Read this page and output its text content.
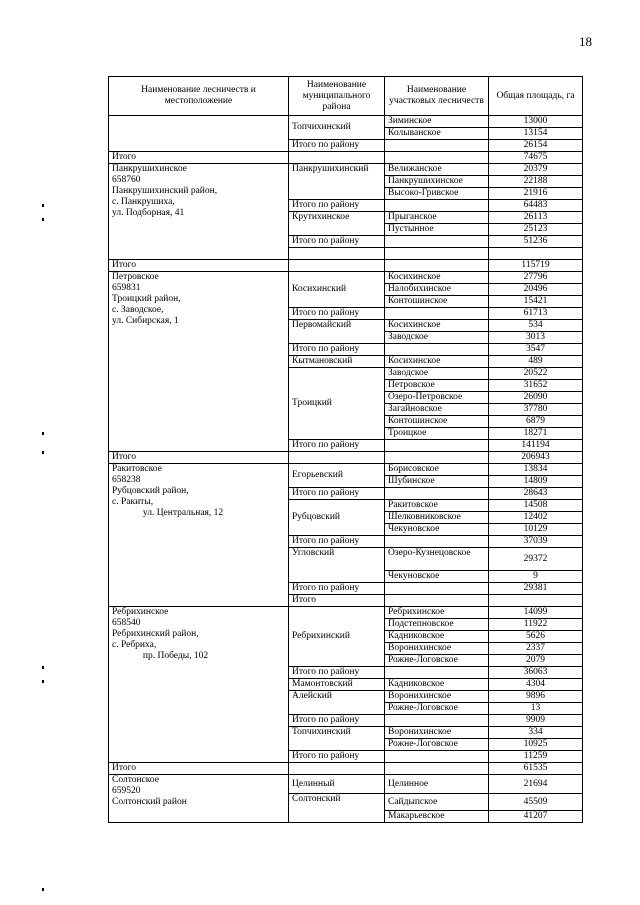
18
Наименование лесничеств и местоположение	Наименование муниципального района	Наименование участковых лесничеств	Общая площадь, га	
	Топчихинский	Зиминское	13000	
		Колыванское	13154	
	Итого по району		26154	
Итого			74675	
Панкрушихинское
658760
Панкрушихинский район,
с. Панкрушиха,
ул. Подборная, 41	Панкрушихинский	Велижанское	20379	
		Панкрушихинское	22188	
		Высоко-Гривское	21916	
	Итого по району		64483	
	Крутихинское	Прыганское	26113	
		Пустынное	25123	
	Итого по району		51236	

Итого			115719	
Петровское
659831
Троицкий район,
с. Заводское,
ул. Сибирская, 1	Косихинский	Косихинское	27796	
		Налобихинское	20496	
		Контошинское	15421	
	Итого по району		61713	
	Первомайский	Косихинское	534	
		Заводское	3013	
	Итого по району		3547	
	Кытмановский	Косихинское	489	
	Троицкий	Заводское	20522	
		Петровское	31652	
		Озеро-Петровское	26090	
		Загайновское	37780	
		Контошинское	6879	
		Троицкое	18271	
	Итого по району		141194	
Итого			206943	
Ракитовское
658238
Рубцовский район,
с. Ракиты,
ул. Центральная, 12	Егорьевский	Борисовское	13834	
		Шубинское	14809	
	Итого по району		28643	
	Рубцовский	Ракитовское	14508	
		Шелковниковское	12402	
		Чекуновское	10129	
	Итого по району		37039	
	Угловский	Озеро-Кузнецовское	29372	

		Чекуновское	9	
	Итого по району		29381	
	Итого			
Ребрихинское
658540
Ребрихинский район,
с. Ребриха,
пр. Победы, 102	Ребрихинский	Ребрихинское	14099	
		Подстепновское	11922	
		Кадниковское	5626	
		Воронихинское	2337	
		Рожне-Логовское	2079	
	Итого по району		36063	
	Мамонтовский	Кадниковское	4304	
	Алейский	Воронихинское	9896	
		Рожне-Логовское	13	
	Итого по району		9909	
	Топчихинский	Воронихинское	334	
		Рожне-Логовское	10925	
	Итого по району		11259	
Итого			61535	
Солтонское
659520
Солтонский район	Целинный	Целинное	21694	
	Солтонский	Сайдыпское	45509	
		Макарьевское	41207	
